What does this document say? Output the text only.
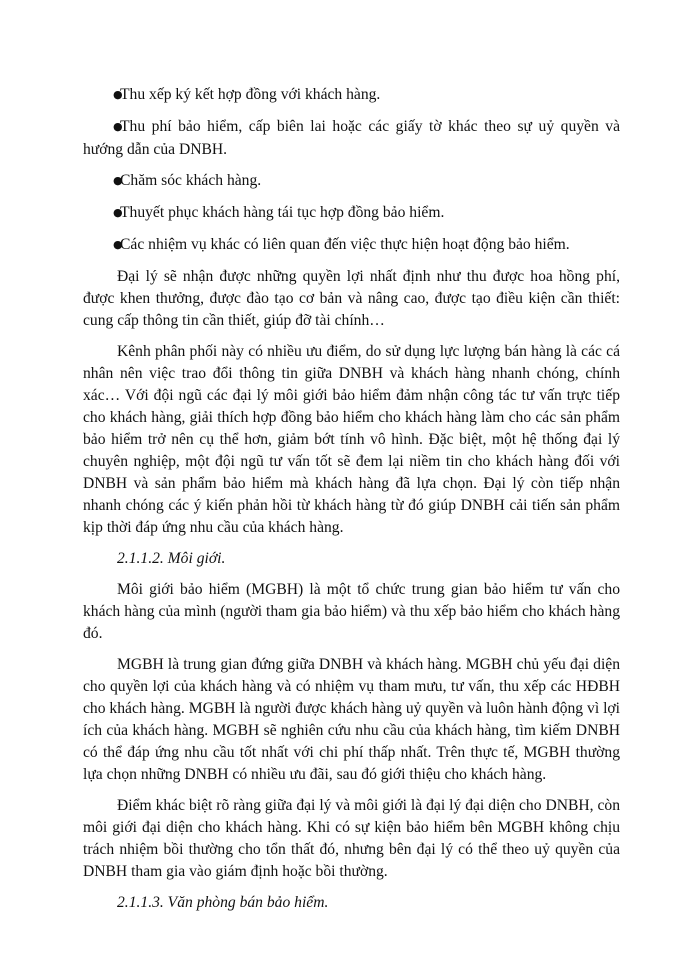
●Thu xếp ký kết hợp đồng với khách hàng.
●Thu phí bảo hiểm, cấp biên lai hoặc các giấy tờ khác theo sự uỷ quyền và hướng dẫn của DNBH.
●Chăm sóc khách hàng.
●Thuyết phục khách hàng tái tục hợp đồng bảo hiểm.
●Các nhiệm vụ khác có liên quan đến việc thực hiện hoạt động bảo hiểm.

Đại lý sẽ nhận được những quyền lợi nhất định như thu được hoa hồng phí, được khen thưởng, được đào tạo cơ bản và nâng cao, được tạo điều kiện cần thiết: cung cấp thông tin cần thiết, giúp đỡ tài chính…

Kênh phân phối này có nhiều ưu điểm, do sử dụng lực lượng bán hàng là các cá nhân nên việc trao đổi thông tin giữa DNBH và khách hàng nhanh chóng, chính xác… Với đội ngũ các đại lý môi giới bảo hiểm đảm nhận công tác tư vấn trực tiếp cho khách hàng, giải thích hợp đồng bảo hiểm cho khách hàng làm cho các sản phẩm bảo hiểm trở nên cụ thể hơn, giảm bớt tính vô hình. Đặc biệt, một hệ thống đại lý chuyên nghiệp, một đội ngũ tư vấn tốt sẽ đem lại niềm tin cho khách hàng đối với DNBH và sản phẩm bảo hiểm mà khách hàng đã lựa chọn. Đại lý còn tiếp nhận nhanh chóng các ý kiến phản hồi từ khách hàng từ đó giúp DNBH cải tiến sản phẩm kịp thời đáp ứng nhu cầu của khách hàng.

2.1.1.2. Môi giới.

Môi giới bảo hiểm (MGBH) là một tổ chức trung gian bảo hiểm tư vấn cho khách hàng của mình (người tham gia bảo hiểm) và thu xếp bảo hiểm cho khách hàng đó.

MGBH là trung gian đứng giữa DNBH và khách hàng. MGBH chủ yếu đại diện cho quyền lợi của khách hàng và có nhiệm vụ tham mưu, tư vấn, thu xếp các HĐBH cho khách hàng. MGBH là người được khách hàng uỷ quyền và luôn hành động vì lợi ích của khách hàng. MGBH sẽ nghiên cứu nhu cầu của khách hàng, tìm kiếm DNBH có thể đáp ứng nhu cầu tốt nhất với chi phí thấp nhất. Trên thực tế, MGBH thường lựa chọn những DNBH có nhiều ưu đãi, sau đó giới thiệu cho khách hàng.

Điểm khác biệt rõ ràng giữa đại lý và môi giới là đại lý đại diện cho DNBH, còn môi giới đại diện cho khách hàng. Khi có sự kiện bảo hiểm bên MGBH không chịu trách nhiệm bồi thường cho tổn thất đó, nhưng bên đại lý có thể theo uỷ quyền của DNBH tham gia vào giám định hoặc bồi thường.

2.1.1.3. Văn phòng bán bảo hiểm.
